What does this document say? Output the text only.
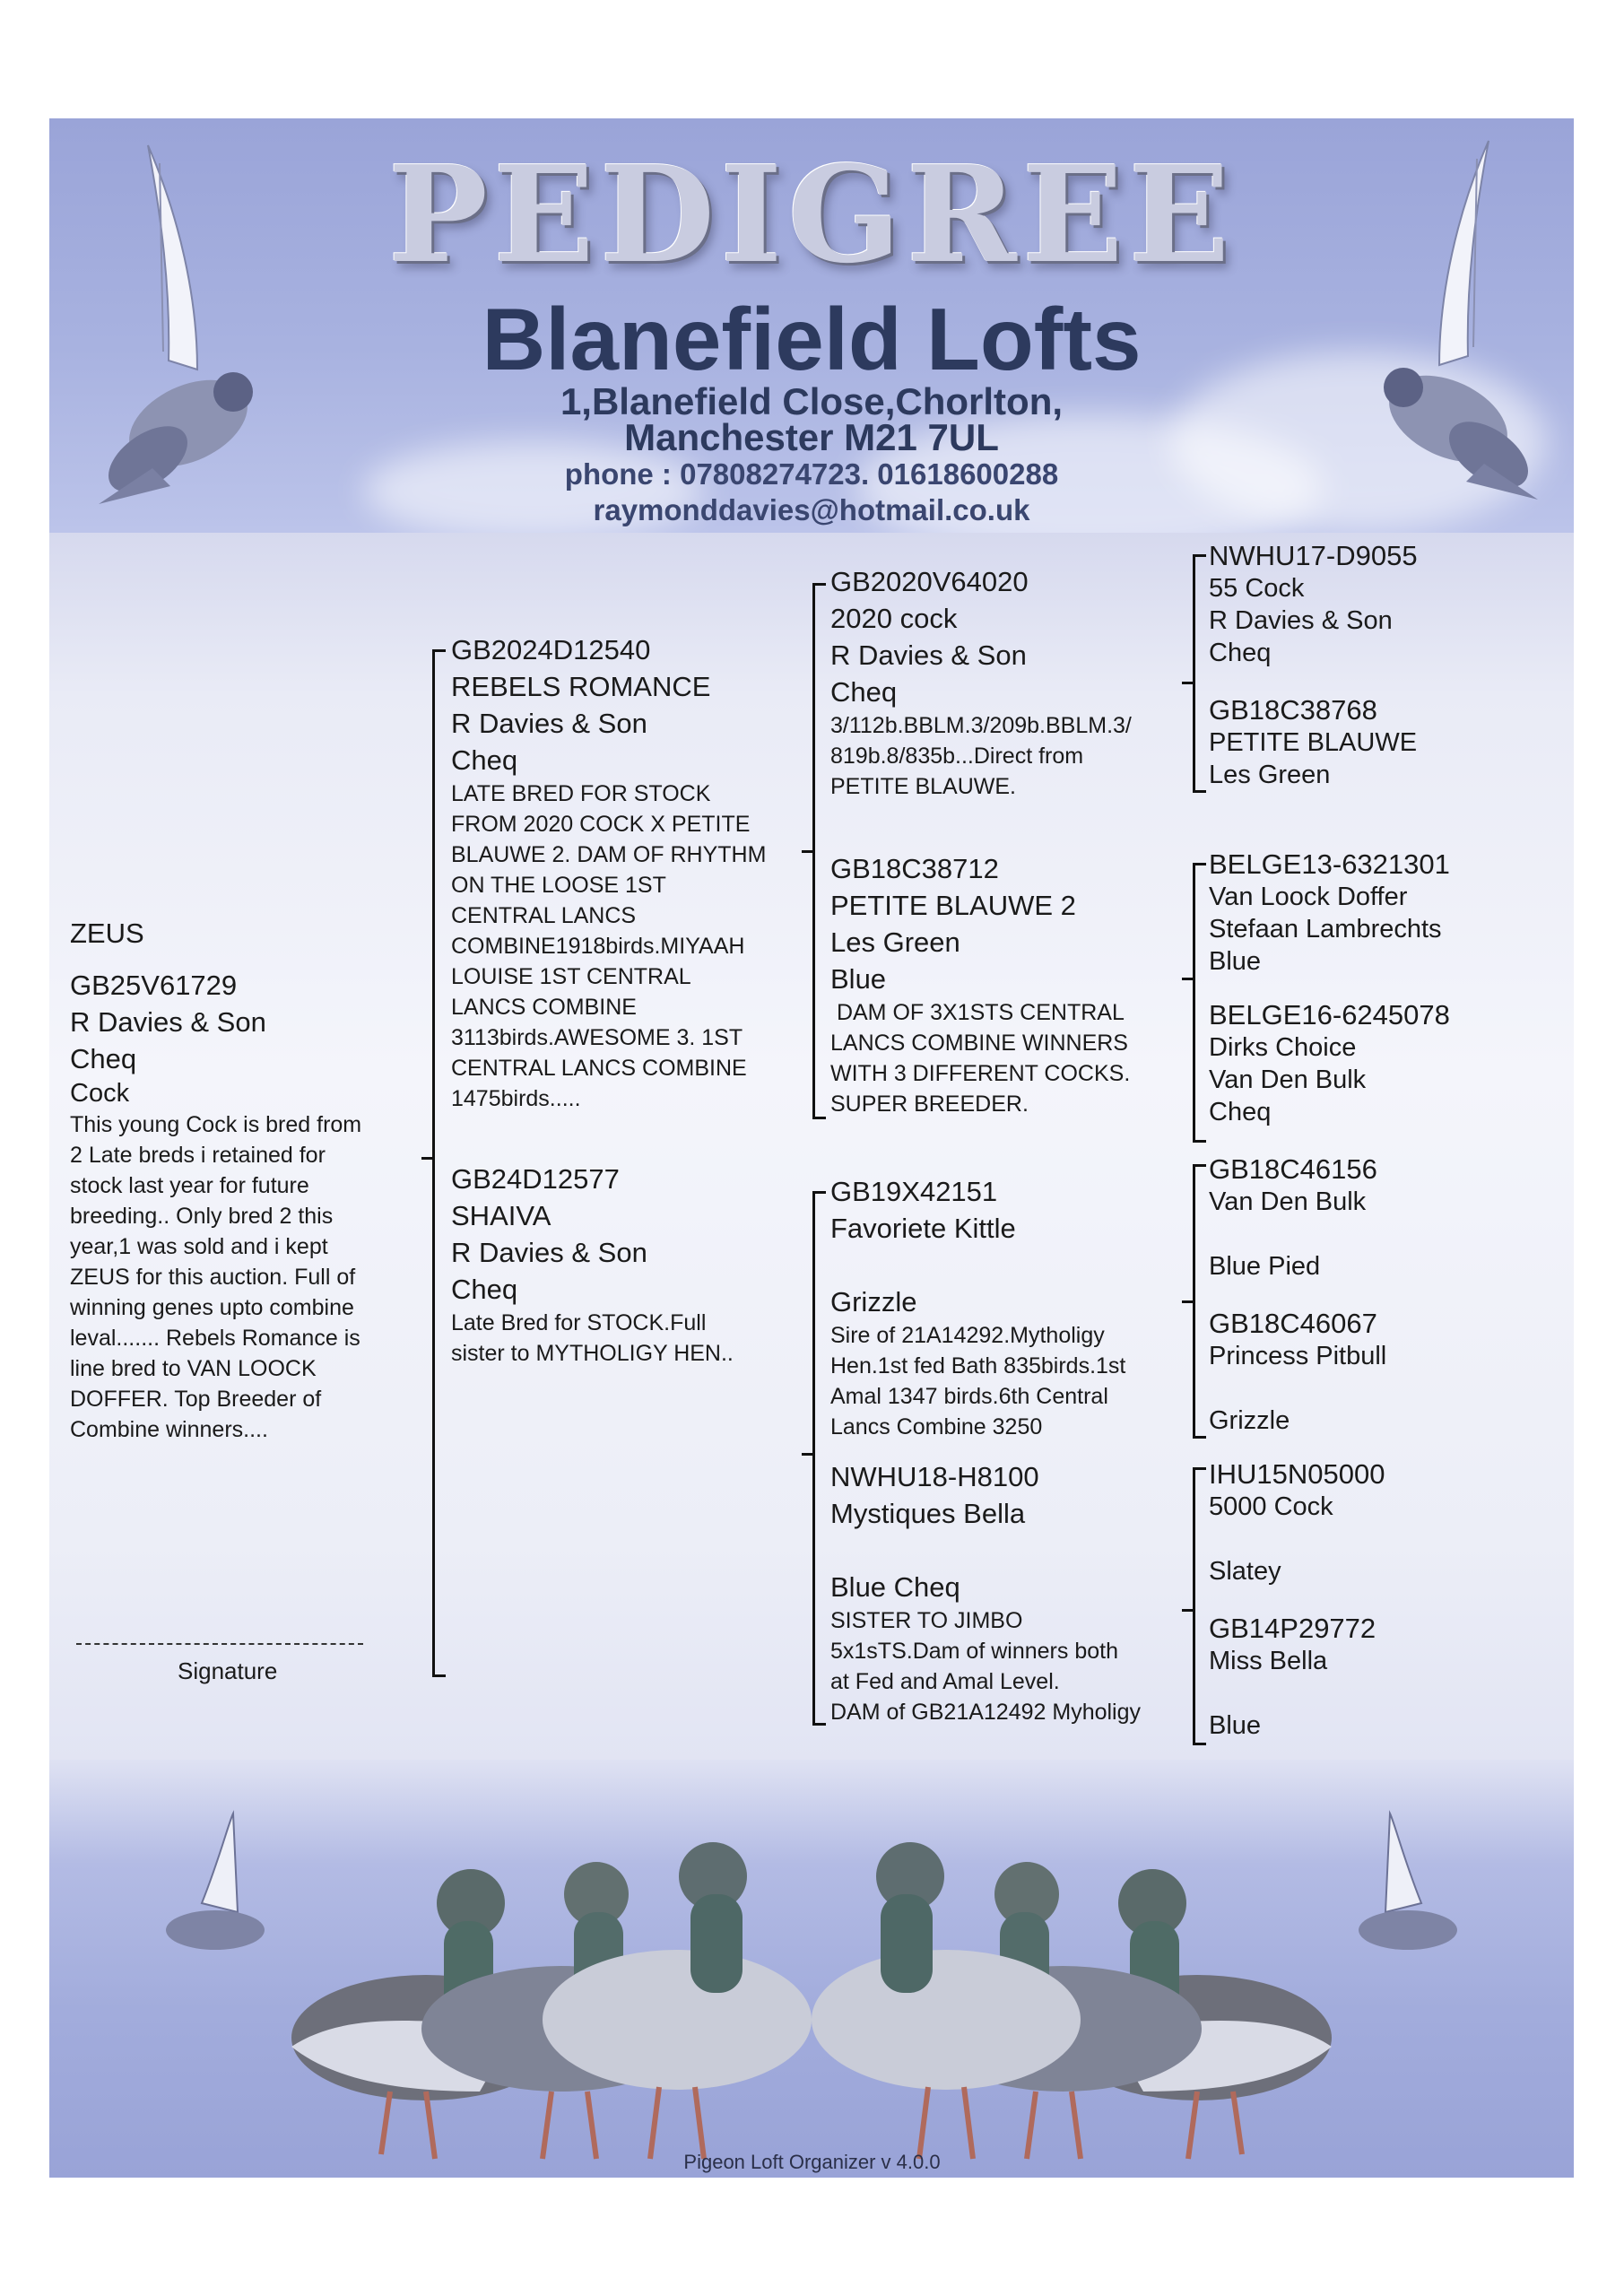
PEDIGREE
Blanefield Lofts
1,Blanefield Close,Chorlton,
Manchester M21 7UL
phone : 07808274723. 01618600288
raymonddavies@hotmail.co.uk
ZEUS
GB25V61729
R Davies & Son
Cheq
Cock
This young Cock is bred from
2 Late breds i retained for
stock last year for future
breeding.. Only bred 2 this
year,1 was sold and i kept
ZEUS for this auction. Full of
winning genes upto combine
leval....... Rebels Romance is
line bred to VAN LOOCK
DOFFER. Top Breeder of
Combine winners....
Signature
GB2024D12540
REBELS ROMANCE
R Davies & Son
Cheq
LATE BRED FOR STOCK
FROM 2020 COCK X PETITE
BLAUWE 2. DAM OF RHYTHM
ON THE LOOSE 1ST
CENTRAL LANCS
COMBINE1918birds.MIYAAH
LOUISE 1ST CENTRAL
LANCS COMBINE
3113birds.AWESOME 3. 1ST
CENTRAL LANCS COMBINE
1475birds.....
GB24D12577
SHAIVA
R Davies & Son
Cheq
Late Bred for STOCK.Full
sister to MYTHOLIGY HEN..
GB2020V64020
2020 cock
R Davies & Son
Cheq
3/112b.BBLM.3/209b.BBLM.3/
819b.8/835b...Direct from
PETITE BLAUWE.
GB18C38712
PETITE BLAUWE 2
Les Green
Blue
DAM OF 3X1STS CENTRAL
LANCS COMBINE WINNERS
WITH 3 DIFFERENT COCKS.
SUPER BREEDER.
GB19X42151
Favoriete Kittle
Grizzle
Sire of 21A14292.Mytholigy
Hen.1st fed Bath 835birds.1st
Amal 1347 birds.6th Central
Lancs Combine 3250
NWHU18-H8100
Mystiques Bella
Blue Cheq
SISTER TO JIMBO
5x1sTS.Dam of winners both
at Fed and Amal Level.
DAM of GB21A12492 Myholigy
NWHU17-D9055
55 Cock
R Davies & Son
Cheq
GB18C38768
PETITE BLAUWE
Les Green
BELGE13-6321301
Van Loock Doffer
Stefaan Lambrechts
Blue
BELGE16-6245078
Dirks Choice
Van Den Bulk
Cheq
GB18C46156
Van Den Bulk
Blue Pied
GB18C46067
Princess Pitbull
Grizzle
IHU15N05000
5000 Cock
Slatey
GB14P29772
Miss Bella
Blue
Pigeon Loft Organizer v 4.0.0
